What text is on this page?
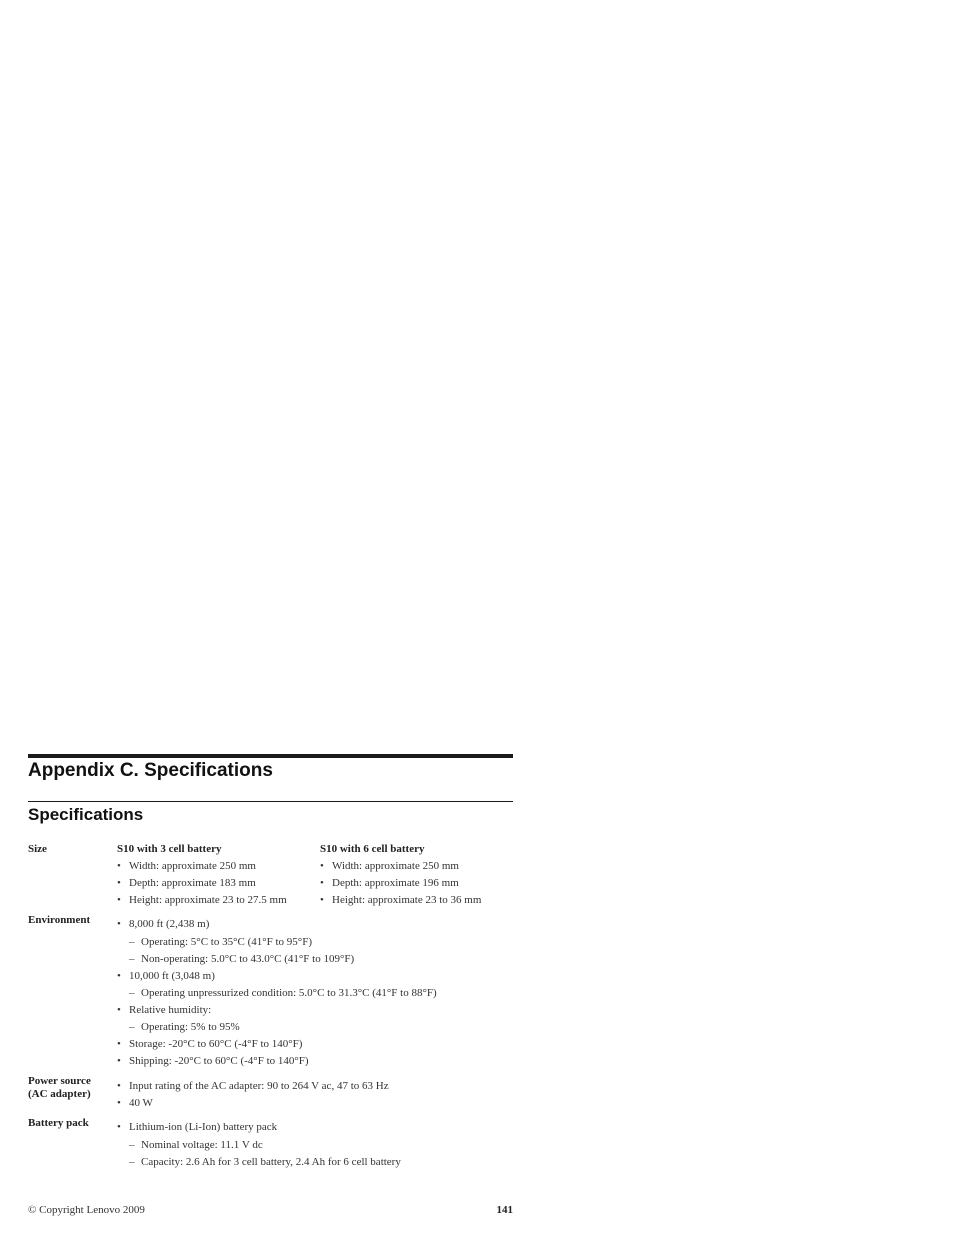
Appendix C. Specifications
Specifications
Size	S10 with 3 cell battery
• Width: approximate 250 mm
• Depth: approximate 183 mm
• Height: approximate 23 to 27.5 mm
S10 with 6 cell battery
• Width: approximate 250 mm
• Depth: approximate 196 mm
• Height: approximate 23 to 36 mm
Environment • 8,000 ft (2,438 m)
– Operating: 5°C to 35°C (41°F to 95°F)
– Non-operating: 5.0°C to 43.0°C (41°F to 109°F)
• 10,000 ft (3,048 m)
– Operating unpressurized condition: 5.0°C to 31.3°C (41°F to 88°F)
• Relative humidity:
– Operating: 5% to 95%
• Storage: -20°C to 60°C (-4°F to 140°F)
• Shipping: -20°C to 60°C (-4°F to 140°F)
Power source
(AC adapter)
• Input rating of the AC adapter: 90 to 264 V ac, 47 to 63 Hz
• 40 W
Battery pack	• Lithium-ion (Li-Ion) battery pack
– Nominal voltage: 11.1 V dc
– Capacity: 2.6 Ah for 3 cell battery, 2.4 Ah for 6 cell battery
© Copyright Lenovo 2009	141
